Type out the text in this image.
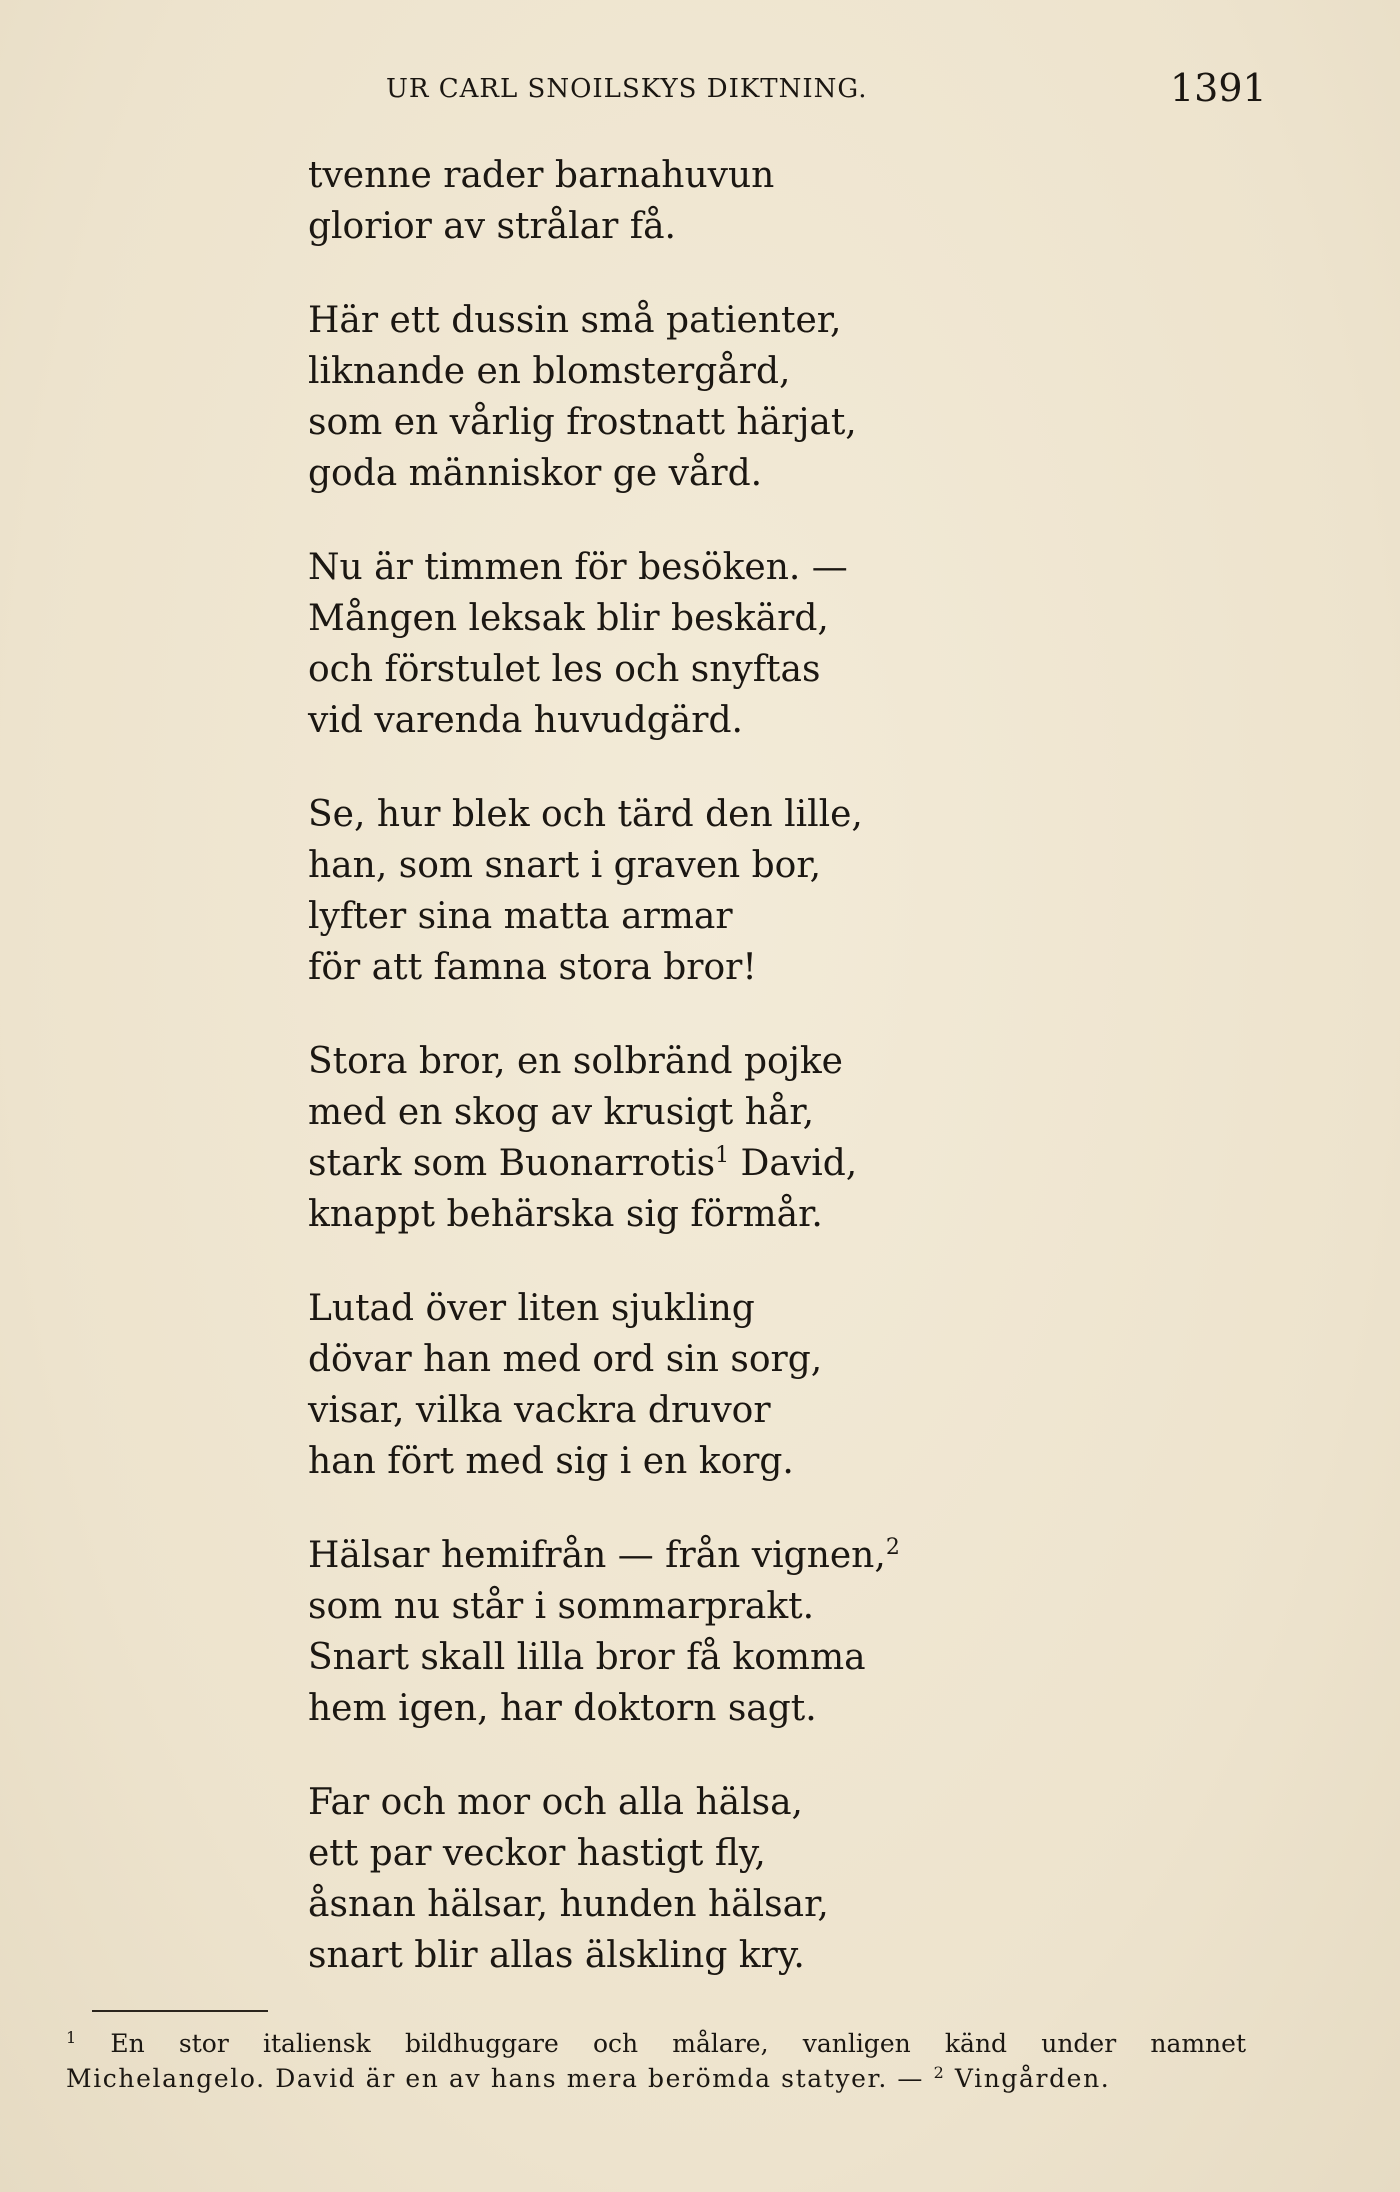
UR CARL SNOILSKYS DIKTNING.	1391
tvenne rader barnahuvun
glorior av strålar få.
Här ett dussin små patienter,
liknande en blomstergård,
som en vårlig frostnatt härjat,
goda människor ge vård.
Nu är timmen för besöken. —
Mången leksak blir beskärd,
och förstulet les och snyftas
vid varenda huvudgärd.
Se, hur blek och tärd den lille,
han, som snart i graven bor,
lyfter sina matta armar
för att famna stora bror!
Stora bror, en solbränd pojke
med en skog av krusigt hår,
stark som Buonarrotis$^1$ David,
knappt behärska sig förmår.
Lutad över liten sjukling
dövar han med ord sin sorg,
visar, vilka vackra druvor
han fört med sig i en korg.
Hälsar hemifrån — från vignen,$^2$
som nu står i sommarprakt.
Snart skall lilla bror få komma
hem igen, har doktorn sagt.
Far och mor och alla hälsa,
ett par veckor hastigt fly,
åsnan hälsar, hunden hälsar,
snart blir allas älskling kry.
$^1$ En stor italiensk bildhuggare och målare, vanligen känd under namnet
Michelangelo. David är en av hans mera berömda statyer. — $^2$ Vingården.
